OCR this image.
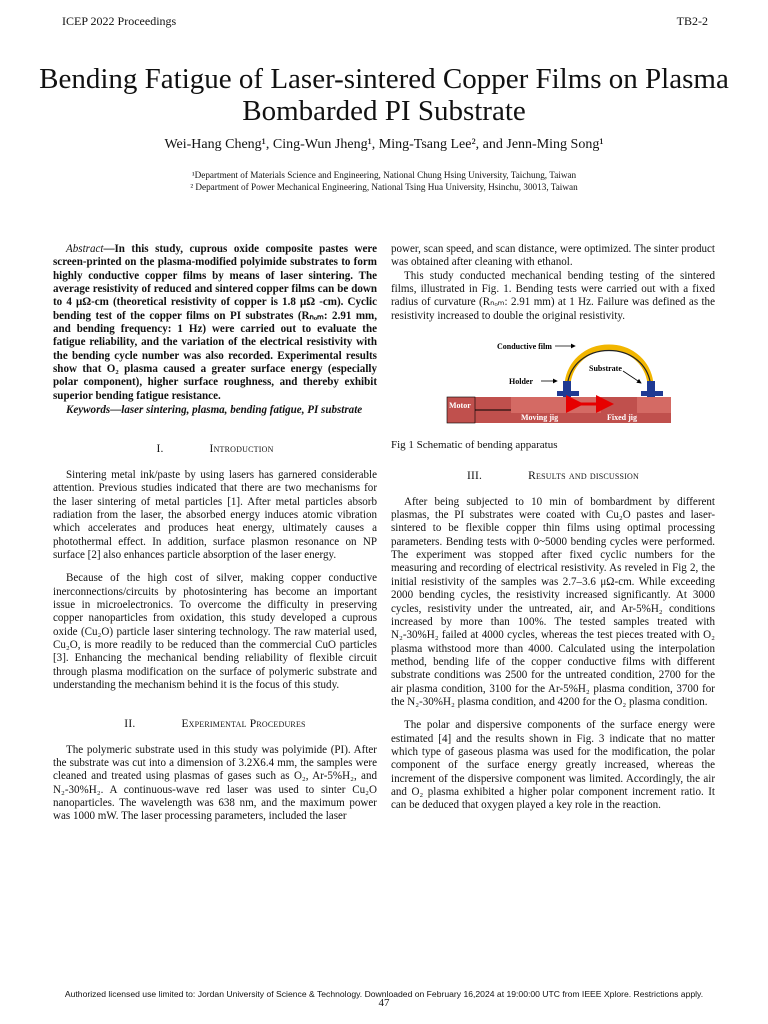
ICEP 2022 Proceedings	TB2-2
Bending Fatigue of Laser-sintered Copper Films on Plasma Bombarded PI Substrate
Wei-Hang Cheng¹, Cing-Wun Jheng¹, Ming-Tsang Lee², and Jenn-Ming Song¹
¹Department of Materials Science and Engineering, National Chung Hsing University, Taichung, Taiwan
² Department of Power Mechanical Engineering, National Tsing Hua University, Hsinchu, 30013, Taiwan

Abstract—In this study, cuprous oxide composite pastes were screen-printed on the plasma-modified polyimide substrates to form highly conductive copper films by means of laser sintering. The average resistivity of reduced and sintered copper films can be down to 4 μΩ-cm (theoretical resistivity of copper is 1.8 μΩ -cm). Cyclic bending test of the copper films on PI substrates (Rₙₒₘ: 2.91 mm, and bending frequency: 1 Hz) were carried out to evaluate the fatigue reliability, and the variation of the electrical resistivity with the bending cycle number was also recorded. Experimental results show that O₂ plasma caused a greater surface energy (especially polar component), higher surface roughness, and thereby exhibit superior bending fatigue resistance.

Keywords—laser sintering, plasma, bending fatigue, PI substrate

I.	Introduction

Sintering metal ink/paste by using lasers has garnered considerable attention. Previous studies indicated that there are two mechanisms for the laser sintering of metal particles [1]. After metal particles absorb radiation from the laser, the absorbed energy induces atomic vibration which accelerates and produces heat energy, ultimately causes a photothermal effect. In addition, surface plasmon resonance on NP surface [2] also enhances particle absorption of the laser energy.

Because of the high cost of silver, making copper conductive inerconnections/circuits by photosintering has become an important issue in microelectronics. To overcome the difficulty in preserving copper nanoparticles from oxidation, this study developed a cuprous oxide (Cu₂O) particle laser sintering technology. The raw material used, Cu₂O, is more readily to be reduced than the commercial CuO particles [3]. Enhancing the mechanical bending reliability of flexible circuit through plasma modification on the surface of polymeric substrate and understanding the mechanism behind it is the focus of this study.

II.	Experimental Procedures

The polymeric substrate used in this study was polyimide (PI). After the substrate was cut into a dimension of 3.2X6.4 mm, the samples were cleaned and treated using plasmas of gases such as O₂, Ar-5%H₂, and N₂-30%H₂. A continuous-wave red laser was used to sinter Cu₂O nanoparticles. The wavelength was 638 nm, and the maximum power was 1000 mW. The laser processing parameters, included the laser

power, scan speed, and scan distance, were optimized. The sinter product was obtained after cleaning with ethanol.

This study conducted mechanical bending testing of the sintered films, illustrated in Fig. 1. Bending tests were carried out with a fixed radius of curvature (Rₙₒₘ: 2.91 mm) at 1 Hz. Failure was defined as the resistivity increased to double the original resistivity.

Conductive film
Substrate
Holder
Motor
Moving jig	Fixed jig

Fig 1 Schematic of bending apparatus

III.	Results and discussion

After being subjected to 10 min of bombardment by different plasmas, the PI substrates were coated with Cu₂O pastes and laser-sintered to be flexible copper thin films using optimal processing parameters. Bending tests with 0~5000 bending cycles were performed. The experiment was stopped after fixed cyclic numbers for the measuring and recording of electrical resistivity. As reveled in Fig 2, the initial resistivity of the samples was 2.7–3.6 μΩ-cm. While exceeding 2000 bending cycles, the resistivity increased significantly. At 3000 cycles, resistivity under the untreated, air, and Ar-5%H₂ conditions increased by more than 100%. The tested samples treated with N₂-30%H₂ failed at 4000 cycles, whereas the test pieces treated with O₂ plasma withstood more than 4000. Calculated using the interpolation method, bending life of the copper conductive films with different substrate conditions was 2500 for the untreated condition, 2700 for the air plasma condition, 3100 for the Ar-5%H₂ plasma condition, 3700 for the N₂-30%H₂ plasma condition, and 4200 for the O₂ plasma condition.

The polar and dispersive components of the surface energy were estimated [4] and the results shown in Fig. 3 indicate that no matter which type of gaseous plasma was used for the modification, the polar component of the surface energy greatly increased, whereas the increment of the dispersive component was limited. Accordingly, the air and O₂ plasma exhibited a higher polar component increment ratio. It can be deduced that oxygen played a key role in the reaction.

Authorized licensed use limited to: Jordan University of Science & Technology. Downloaded on February 16,2024 at 19:00:00 UTC from IEEE Xplore. Restrictions apply.
47
